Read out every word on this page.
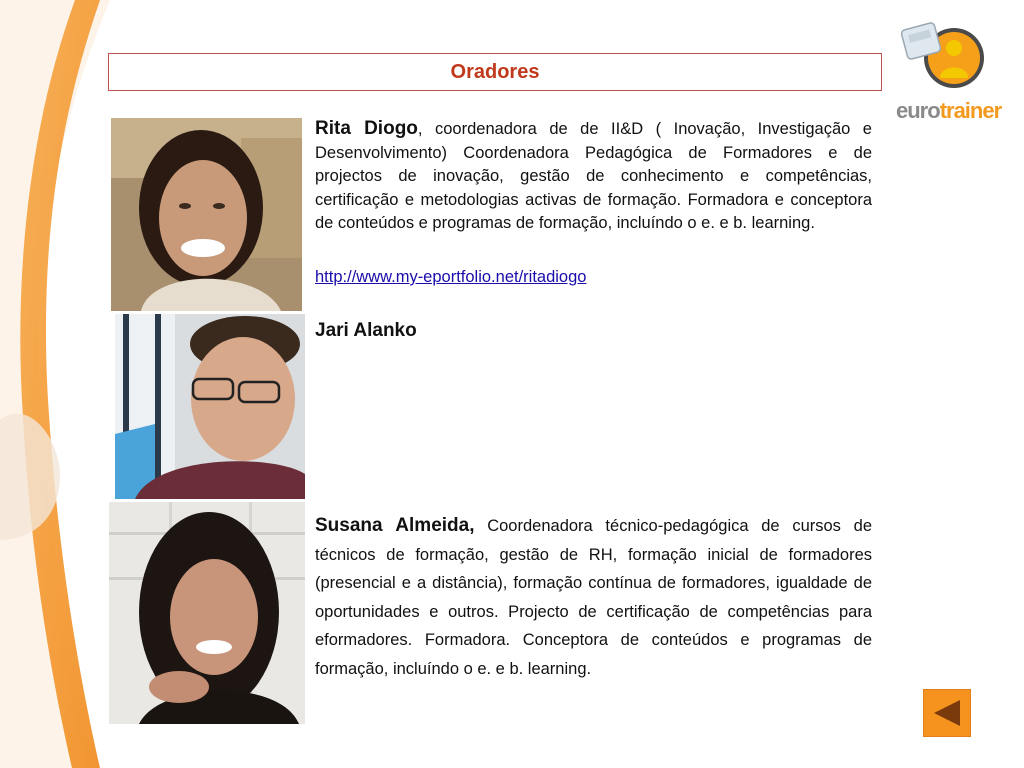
Oradores
eurotrainer
Rita Diogo, coordenadora de de II&D ( Inovação, Investigação e Desenvolvimento) Coordenadora Pedagógica de Formadores e de projectos de inovação, gestão de conhecimento e competências, certificação e metodologias activas de formação. Formadora e conceptora de conteúdos e programas de formação, incluíndo o e. e b. learning.
http://www.my-eportfolio.net/ritadiogo
Jari Alanko
Susana Almeida, Coordenadora técnico-pedagógica de cursos de técnicos de formação, gestão de RH, formação inicial de formadores (presencial e a distância), formação contínua de formadores, igualdade de oportunidades e outros. Projecto de certificação de competências para eformadores. Formadora. Conceptora de conteúdos e programas de formação, incluíndo o e. e b. learning.
